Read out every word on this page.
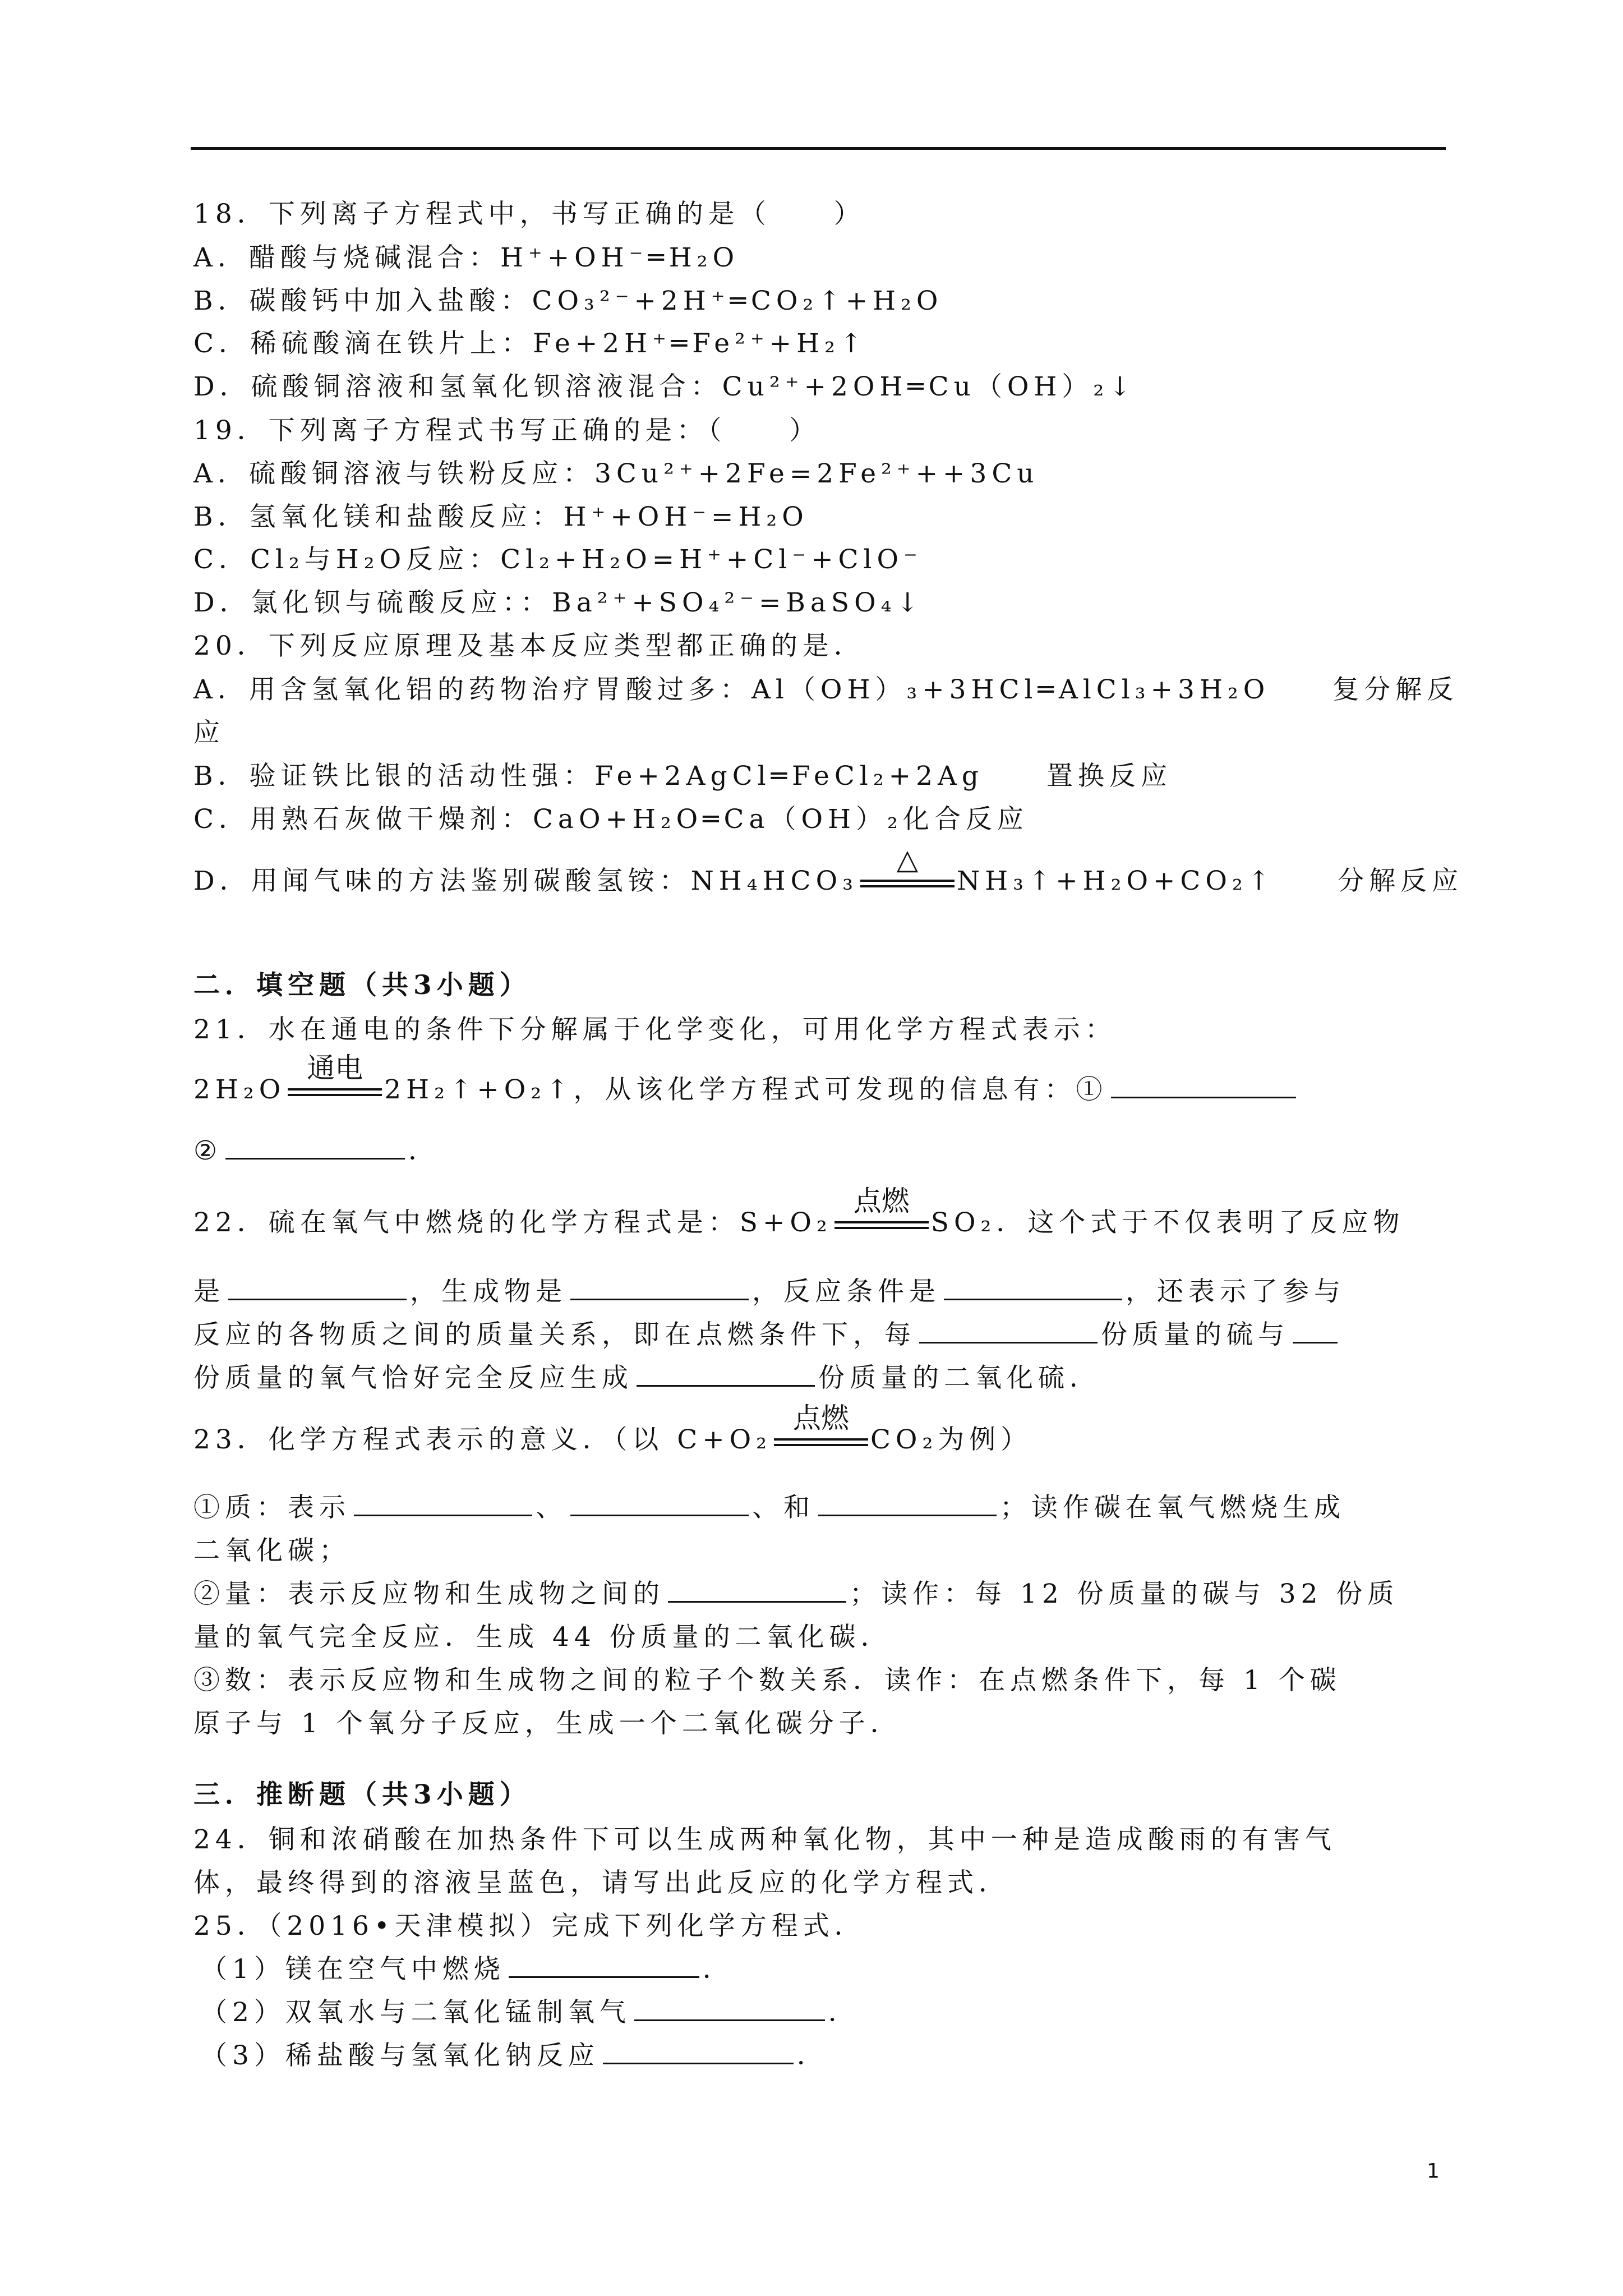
18．下列离子方程式中，书写正确的是（　　）
A．醋酸与烧碱混合：H⁺+OH⁻═H₂O
B．碳酸钙中加入盐酸：CO₃²⁻+2H⁺═CO₂↑+H₂O
C．稀硫酸滴在铁片上：Fe+2H⁺═Fe²⁺+H₂↑
D．硫酸铜溶液和氢氧化钡溶液混合：Cu²⁺+2OH═Cu（OH）₂↓
19．下列离子方程式书写正确的是：（　　）
A．硫酸铜溶液与铁粉反应：3Cu²⁺+2Fe=2Fe²⁺++3Cu
B．氢氧化镁和盐酸反应：H⁺+OH⁻=H₂O
C．Cl₂与H₂O反应：Cl₂+H₂O=H⁺+Cl⁻+ClO⁻
D．氯化钡与硫酸反应：：Ba²⁺+SO₄²⁻=BaSO₄↓
20．下列反应原理及基本反应类型都正确的是．
A．用含氢氧化铝的药物治疗胃酸过多：Al（OH）₃+3HCl═AlCl₃+3H₂O　　复分解反
应
B．验证铁比银的活动性强：Fe+2AgCl═FeCl₂+2Ag　　置换反应
C．用熟石灰做干燥剂：CaO+H₂O═Ca（OH）₂化合反应
D．用闻气味的方法鉴别碳酸氢铵：NH₄HCO₃
△
NH₃↑+H₂O+CO₂↑　　分解反应
二．填空题（共3小题）
21．水在通电的条件下分解属于化学变化，可用化学方程式表示：
2H₂O
通电
2H₂↑+O₂↑，从该化学方程式可发现的信息有：①
②	．
22．硫在氧气中燃烧的化学方程式是：S+O₂
点燃
SO₂．这个式于不仅表明了反应物
是	，生成物是	，反应条件是	，还表示了参与
反应的各物质之间的质量关系，即在点燃条件下，每	份质量的硫与
份质量的氧气恰好完全反应生成	份质量的二氧化硫．
23．化学方程式表示的意义．（以 C+O₂
点燃
CO₂为例）
①质：表示	、	、和	；读作碳在氧气燃烧生成
二氧化碳；
②量：表示反应物和生成物之间的	；读作：每 12 份质量的碳与 32 份质
量的氧气完全反应．生成 44 份质量的二氧化碳．
③数：表示反应物和生成物之间的粒子个数关系．读作：在点燃条件下，每 1 个碳
原子与 1 个氧分子反应，生成一个二氧化碳分子．
三．推断题（共3小题）
24．铜和浓硝酸在加热条件下可以生成两种氧化物，其中一种是造成酸雨的有害气
体，最终得到的溶液呈蓝色，请写出此反应的化学方程式．
25．（2016•天津模拟）完成下列化学方程式．
（1）镁在空气中燃烧	．
（2）双氧水与二氧化锰制氧气	．
（3）稀盐酸与氢氧化钠反应	．
1
